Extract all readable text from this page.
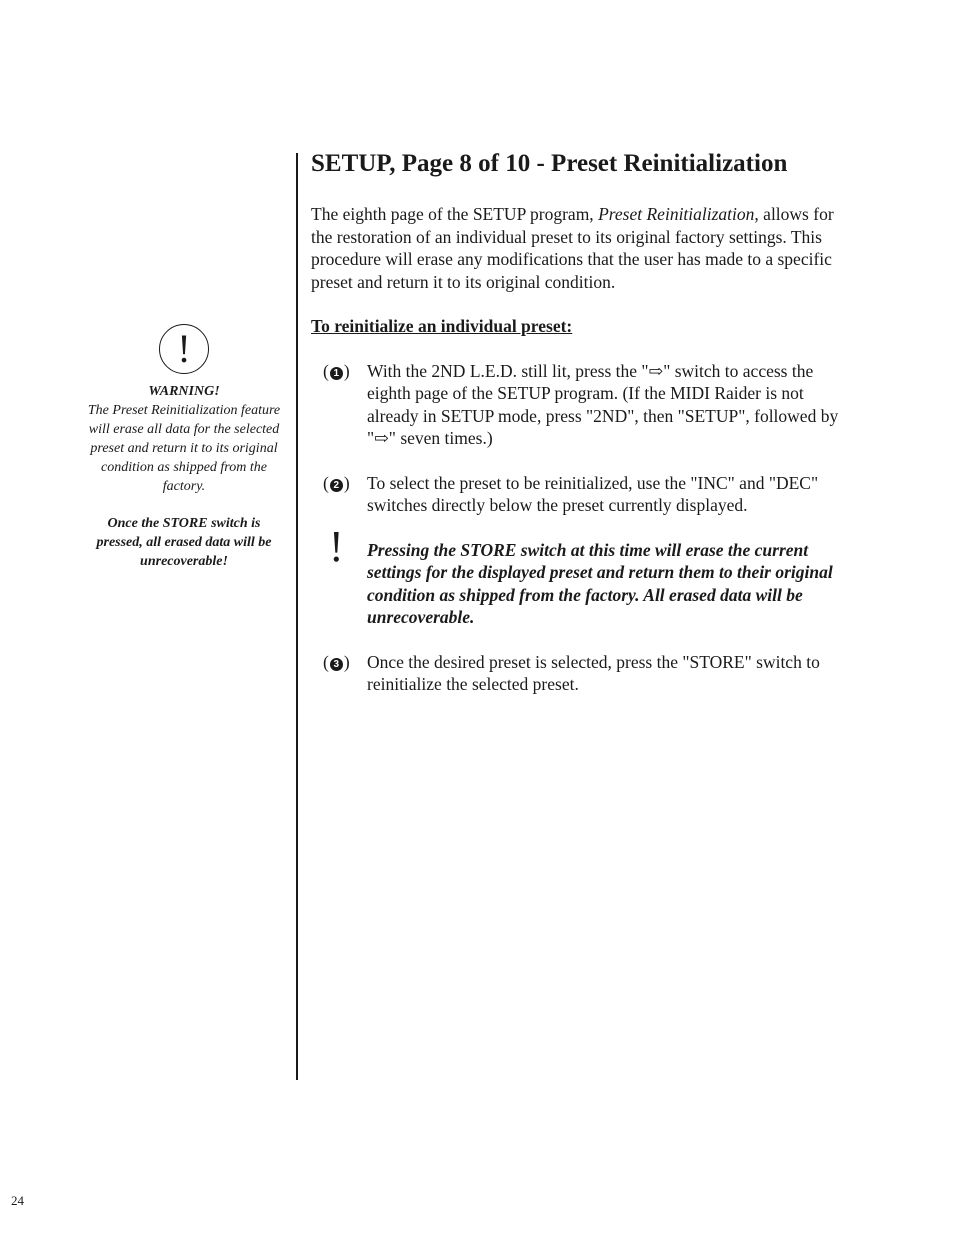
!
WARNING!
The Preset Reinitialization feature will erase all data for the selected preset and return it to its original condition as shipped from the factory.
Once the STORE switch is pressed, all erased data will be unrecoverable!
SETUP, Page 8 of 10 - Preset Reinitialization

The eighth page of the SETUP program, Preset Reinitialization, allows for the restoration of an individual preset to its original factory settings. This procedure will erase any modifications that the user has made to a specific preset and return it to its original condition.

To reinitialize an individual preset:

( 1 ) With the 2ND L.E.D. still lit, press the "⇨" switch to access the eighth page of the SETUP program. (If the MIDI Raider is not already in SETUP mode, press "2ND", then "SETUP", followed by "⇨" seven times.)
( 2 ) To select the preset to be reinitialized, use the "INC" and "DEC" switches directly below the preset currently displayed.
! Pressing the STORE switch at this time will erase the current settings for the displayed preset and return them to their original condition as shipped from the factory. All erased data will be unrecoverable.
( 3 ) Once the desired preset is selected, press the "STORE" switch to reinitialize the selected preset.
24
